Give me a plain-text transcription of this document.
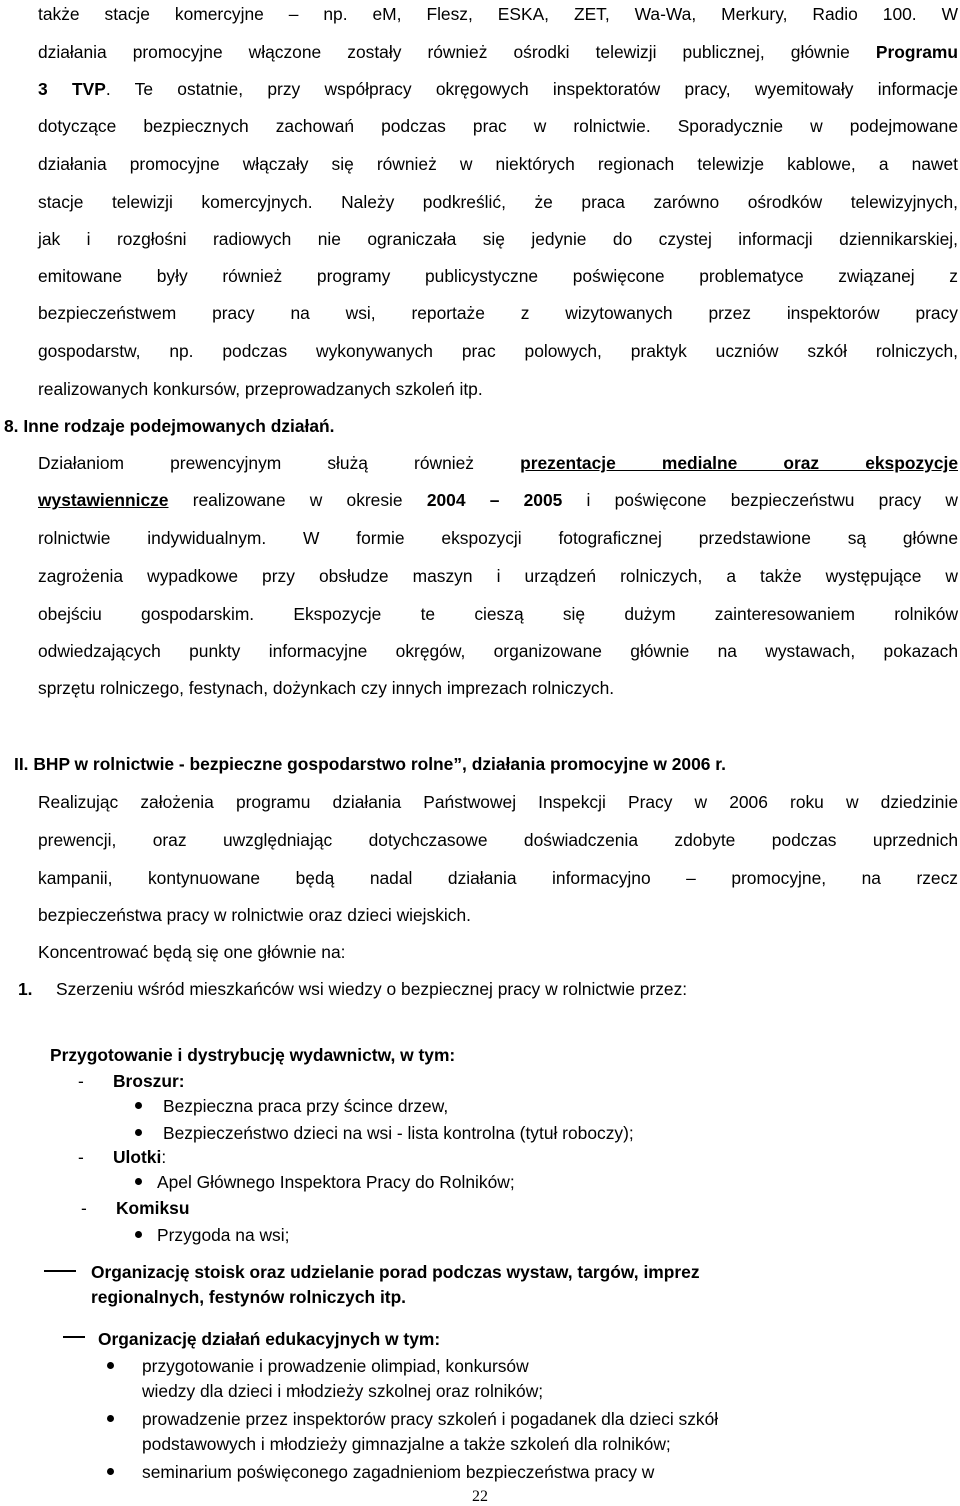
także stacje komercyjne – np. eM, Flesz, ESKA, ZET, Wa-Wa, Merkury, Radio 100. W
działania promocyjne włączone zostały również ośrodki telewizji publicznej, głównie Programu
3 TVP. Te ostatnie, przy współpracy okręgowych inspektoratów pracy, wyemitowały informacje
dotyczące bezpiecznych zachowań podczas prac w rolnictwie. Sporadycznie w podejmowane
działania promocyjne włączały się również w niektórych regionach telewizje kablowe, a nawet
stacje telewizji komercyjnych. Należy podkreślić, że praca zarówno ośrodków telewizyjnych,
jak i rozgłośni radiowych nie ograniczała się jedynie do czystej informacji dziennikarskiej,
emitowane były również programy publicystyczne poświęcone problematyce związanej z
bezpieczeństwem pracy na wsi, reportaże z wizytowanych przez inspektorów pracy
gospodarstw, np. podczas wykonywanych prac polowych, praktyk uczniów szkół rolniczych,
realizowanych konkursów, przeprowadzanych szkoleń itp.
8. Inne rodzaje podejmowanych działań.
Działaniom prewencyjnym służą również prezentacje medialne oraz ekspozycje
wystawiennicze realizowane w okresie 2004 – 2005 i poświęcone bezpieczeństwu pracy w
rolnictwie indywidualnym. W formie ekspozycji fotograficznej przedstawione są główne
zagrożenia wypadkowe przy obsłudze maszyn i urządzeń rolniczych, a także występujące w
obejściu gospodarskim. Ekspozycje te cieszą się dużym zainteresowaniem rolników
odwiedzających punkty informacyjne okręgów, organizowane głównie na wystawach, pokazach
sprzętu rolniczego, festynach, dożynkach czy innych imprezach rolniczych.
II. BHP w rolnictwie - bezpieczne gospodarstwo rolne”, działania promocyjne w 2006 r.
Realizując założenia programu działania Państwowej Inspekcji Pracy w 2006 roku w dziedzinie
prewencji, oraz uwzględniając dotychczasowe doświadczenia zdobyte podczas uprzednich
kampanii, kontynuowane będą nadal działania informacyjno – promocyjne, na rzecz
bezpieczeństwa pracy w rolnictwie oraz dzieci wiejskich.
Koncentrować będą się one głównie na:
1. Szerzeniu wśród mieszkańców wsi wiedzy o bezpiecznej pracy w rolnictwie przez:
Przygotowanie i dystrybucję wydawnictw, w tym:
- Broszur:
Bezpieczna praca przy ścince drzew,
Bezpieczeństwo dzieci na wsi - lista kontrolna (tytuł roboczy);
- Ulotki:
Apel Głównego Inspektora Pracy do Rolników;
- Komiksu
Przygoda na wsi;
Organizację stoisk oraz udzielanie porad podczas wystaw, targów, imprez
regionalnych, festynów rolniczych itp.
Organizację działań edukacyjnych w tym:
przygotowanie i prowadzenie olimpiad, konkursów
wiedzy dla dzieci i młodzieży szkolnej oraz rolników;
prowadzenie przez inspektorów pracy szkoleń i pogadanek dla dzieci szkół
podstawowych i młodzieży gimnazjalne a także szkoleń dla rolników;
seminarium poświęconego zagadnieniom bezpieczeństwa pracy w
22
